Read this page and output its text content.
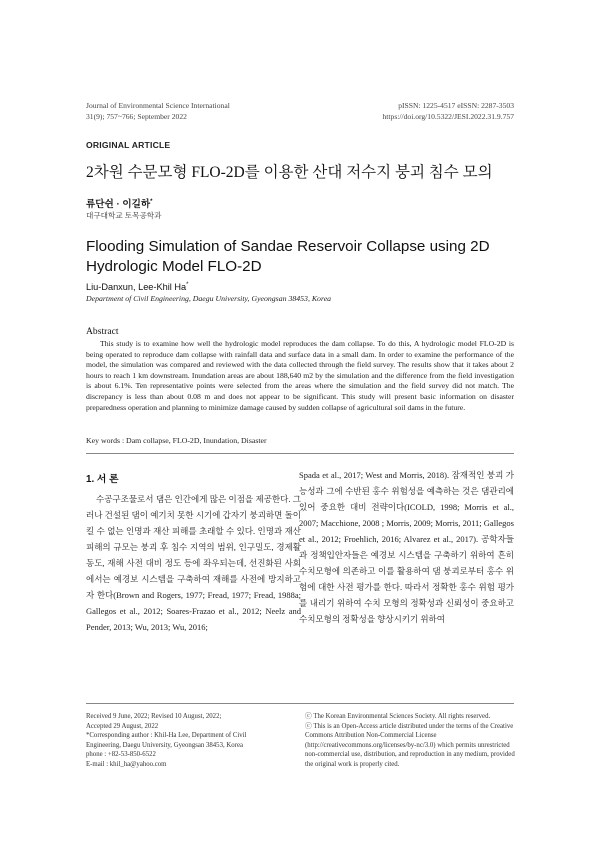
Journal of Environmental Science International
31(9); 757~766; September 2022
pISSN: 1225-4517 eISSN: 2287-3503
https://doi.org/10.5322/JESI.2022.31.9.757
ORIGINAL ARTICLE
2차원 수문모형 FLO-2D를 이용한 산대 저수지 붕괴 침수 모의
류단쉰 · 이길하*
대구대학교 토목공학과
Flooding Simulation of Sandae Reservoir Collapse using 2D Hydrologic Model FLO-2D
Liu-Danxun, Lee-Khil Ha*
Department of Civil Engineering, Daegu University, Gyeongsan 38453, Korea
Abstract

This study is to examine how well the hydrologic model reproduces the dam collapse. To do this, A hydrologic model FLO-2D is being operated to reproduce dam collapse with rainfall data and surface data in a small dam. In order to examine the performance of the model, the simulation was compared and reviewed with the data collected through the field survey. The results show that it takes about 2 hours to reach 1 km downstream. Inundation areas are about 188,640 m2 by the simulation and the difference from the field investigation is about 6.1%. Ten representative points were selected from the areas where the simulation and the field survey did not match. The discrepancy is less than about 0.08 m and does not appear to be significant. This study will present basic information on disaster preparedness operation and planning to minimize damage caused by sudden collapse of agricultural soil dams in the future.

Key words : Dam collapse, FLO-2D, Inundation, Disaster
1. 서 론

수공구조물로서 댐은 인간에게 많은 이점을 제공한다. 그러나 건설된 댐이 예기치 못한 시기에 갑자기 붕괴하면 돌이킬 수 없는 인명과 재산 피해를 초래할 수 있다. 인명과 재산 피해의 규모는 붕괴 후 침수 지역의 범위, 인구밀도, 경제활동도, 재해 사전 대비 정도 등에 좌우되는데, 선진화된 사회에서는 예경보 시스템을 구축하여 재해를 사전에 방지하고자 한다(Brown and Rogers, 1977; Fread, 1977; Fread, 1988a; Gallegos et al., 2012; Soares-Frazao et al., 2012; Neelz and Pender, 2013; Wu, 2013; Wu, 2016;

Spada et al., 2017; West and Morris, 2018). 잠재적인 붕괴 가능성과 그에 수반된 홍수 위험성을 예측하는 것은 댐관리에 있어 중요한 대비 전략이다(ICOLD, 1998; Morris et al., 2007; Macchione, 2008 ; Morris, 2009; Morris, 2011; Gallegos et al., 2012; Froehlich, 2016; Alvarez et al., 2017). 공학자들과 정책입안자들은 예경보 시스템을 구축하기 위하여 흔히 수치모형에 의존하고 이를 활용하여 댐 붕괴로부터 홍수 위험에 대한 사전 평가를 한다. 따라서 정확한 홍수 위험 평가를 내리기 위하여 수치 모형의 정확성과 신뢰성이 중요하고 수치모형의 정확성을 향상시키기 위하여

Received 9 June, 2022; Revised 10 August, 2022;
Accepted 29 August, 2022
*Corresponding author : Khil-Ha Lee, Department of Civil
Engineering, Daegu University, Gyeongsan 38453, Korea
phone : +82-53-850-6522
E-mail : khil_ha@yahoo.com
ⓒ The Korean Environmental Sciences Society. All rights reserved.
ⓒ This is an Open-Access article distributed under the terms of the Creative Commons Attribution Non-Commercial License (http://creativecommons.org/licenses/by-nc/3.0) which permits unrestricted non-commercial use, distribution, and reproduction in any medium, provided the original work is properly cited.
